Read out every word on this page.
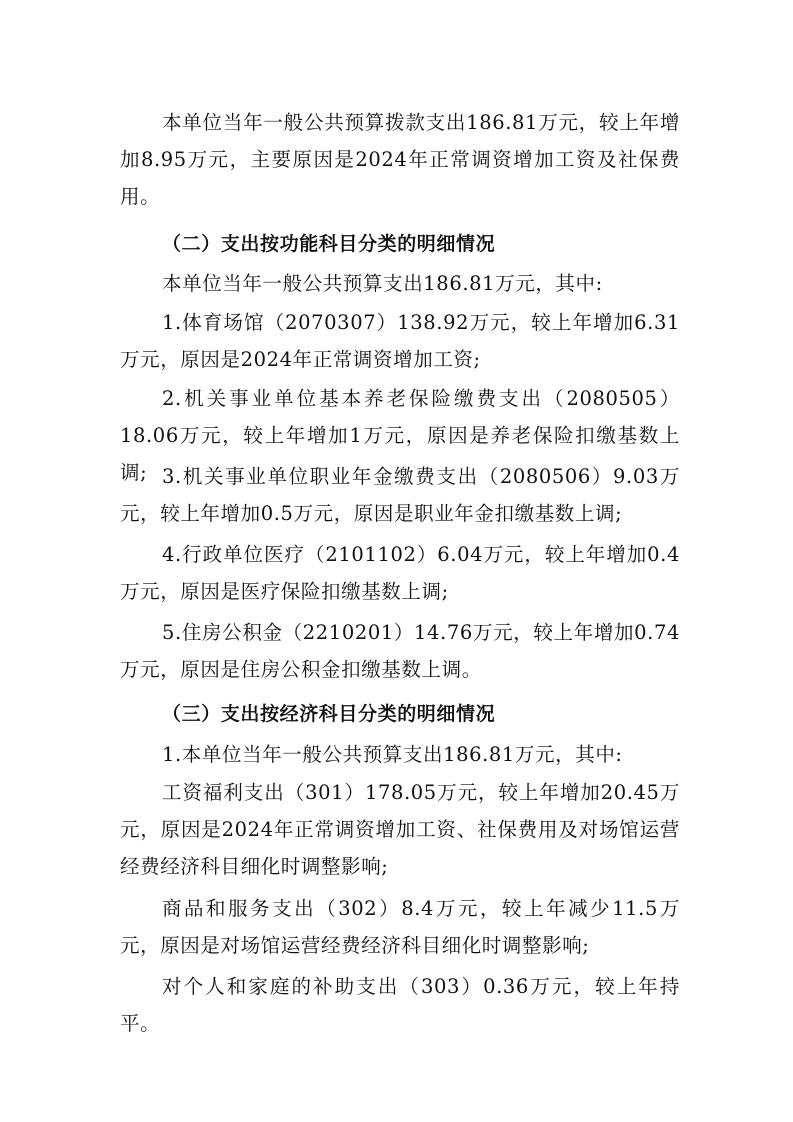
本单位当年一般公共预算拨款支出186.81万元，较上年增加8.95万元，主要原因是2024年正常调资增加工资及社保费用。

（二）支出按功能科目分类的明细情况

本单位当年一般公共预算支出186.81万元，其中:

1.体育场馆（2070307）138.92万元，较上年增加6.31万元，原因是2024年正常调资增加工资;

2.机关事业单位基本养老保险缴费支出（2080505）18.06万元，较上年增加1万元，原因是养老保险扣缴基数上调; 3.机关事业单位职业年金缴费支出（2080506）9.03万元，较上年增加0.5万元，原因是职业年金扣缴基数上调;

4.行政单位医疗（2101102）6.04万元，较上年增加0.4万元，原因是医疗保险扣缴基数上调;

5.住房公积金（2210201）14.76万元，较上年增加0.74万元，原因是住房公积金扣缴基数上调。

（三）支出按经济科目分类的明细情况

1.本单位当年一般公共预算支出186.81万元，其中:

工资福利支出（301）178.05万元，较上年增加20.45万元，原因是2024年正常调资增加工资、社保费用及对场馆运营经费经济科目细化时调整影响;

商品和服务支出（302）8.4万元，较上年减少11.5万元，原因是对场馆运营经费经济科目细化时调整影响;

对个人和家庭的补助支出（303）0.36万元，较上年持平。
